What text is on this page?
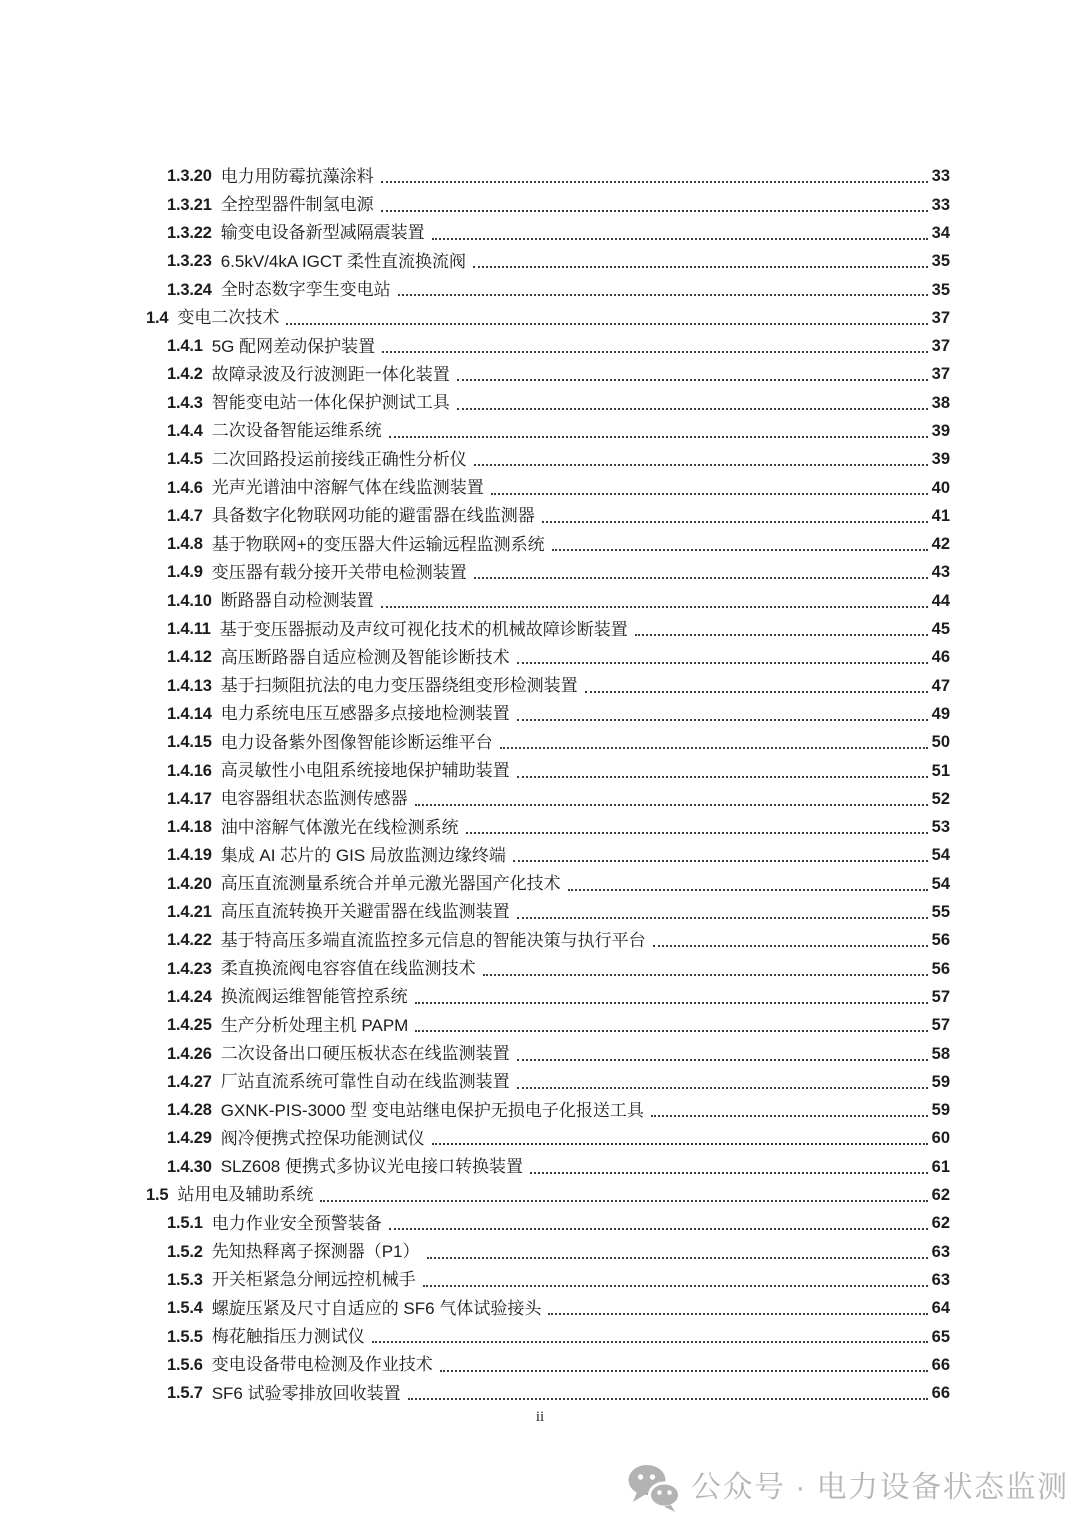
1.3.20 电力用防霉抗藻涂料	33
1.3.21 全控型器件制氢电源	33
1.3.22 输变电设备新型减隔震装置	34
1.3.23 6.5kV/4kA IGCT 柔性直流换流阀	35
1.3.24 全时态数字孪生变电站	35
1.4 变电二次技术	37
1.4.1 5G 配网差动保护装置	37
1.4.2 故障录波及行波测距一体化装置	37
1.4.3 智能变电站一体化保护测试工具	38
1.4.4 二次设备智能运维系统	39
1.4.5 二次回路投运前接线正确性分析仪	39
1.4.6 光声光谱油中溶解气体在线监测装置	40
1.4.7 具备数字化物联网功能的避雷器在线监测器	41
1.4.8 基于物联网+的变压器大件运输远程监测系统	42
1.4.9 变压器有载分接开关带电检测装置	43
1.4.10 断路器自动检测装置	44
1.4.11 基于变压器振动及声纹可视化技术的机械故障诊断装置	45
1.4.12 高压断路器自适应检测及智能诊断技术	46
1.4.13 基于扫频阻抗法的电力变压器绕组变形检测装置	47
1.4.14 电力系统电压互感器多点接地检测装置	49
1.4.15 电力设备紫外图像智能诊断运维平台	50
1.4.16 高灵敏性小电阻系统接地保护辅助装置	51
1.4.17 电容器组状态监测传感器	52
1.4.18 油中溶解气体激光在线检测系统	53
1.4.19 集成 AI 芯片的 GIS 局放监测边缘终端	54
1.4.20 高压直流测量系统合并单元激光器国产化技术	54
1.4.21 高压直流转换开关避雷器在线监测装置	55
1.4.22 基于特高压多端直流监控多元信息的智能决策与执行平台	56
1.4.23 柔直换流阀电容容值在线监测技术	56
1.4.24 换流阀运维智能管控系统	57
1.4.25 生产分析处理主机 PAPM	57
1.4.26 二次设备出口硬压板状态在线监测装置	58
1.4.27 厂站直流系统可靠性自动在线监测装置	59
1.4.28 GXNK-PIS-3000 型 变电站继电保护无损电子化报送工具	59
1.4.29 阀冷便携式控保功能测试仪	60
1.4.30 SLZ608 便携式多协议光电接口转换装置	61
1.5 站用电及辅助系统	62
1.5.1 电力作业安全预警装备	62
1.5.2 先知热释离子探测器（P1）	63
1.5.3 开关柜紧急分闸远控机械手	63
1.5.4 螺旋压紧及尺寸自适应的 SF6 气体试验接头	64
1.5.5 梅花触指压力测试仪	65
1.5.6 变电设备带电检测及作业技术	66
1.5.7 SF6 试验零排放回收装置	66
ii
公众号 · 电力设备状态监测
